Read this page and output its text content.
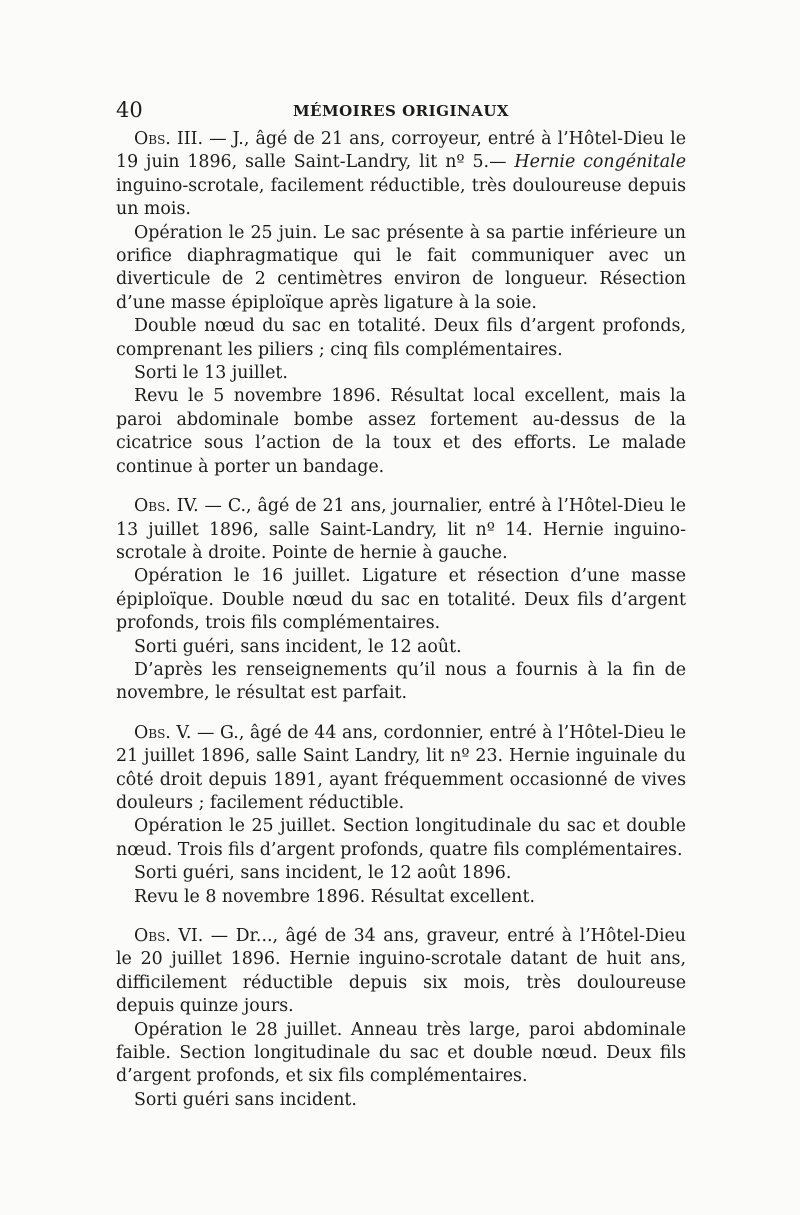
40	MÉMOIRES ORIGINAUX

Obs. III. — J., âgé de 21 ans, corroyeur, entré à l’Hôtel-Dieu le 19 juin 1896, salle Saint-Landry, lit nº 5.— Hernie congénitale inguino-scrotale, facilement réductible, très douloureuse depuis un mois.

Opération le 25 juin. Le sac présente à sa partie inférieure un orifice diaphragmatique qui le fait communiquer avec un diverticule de 2 centimètres environ de longueur. Résection d’une masse épiploïque après ligature à la soie.

Double nœud du sac en totalité. Deux fils d’argent profonds, comprenant les piliers ; cinq fils complémentaires.

Sorti le 13 juillet.

Revu le 5 novembre 1896. Résultat local excellent, mais la paroi abdominale bombe assez fortement au-dessus de la cicatrice sous l’action de la toux et des efforts. Le malade continue à porter un bandage.

Obs. IV. — C., âgé de 21 ans, journalier, entré à l’Hôtel-Dieu le 13 juillet 1896, salle Saint-Landry, lit nº 14. Hernie inguino-scrotale à droite. Pointe de hernie à gauche.

Opération le 16 juillet. Ligature et résection d’une masse épiploïque. Double nœud du sac en totalité. Deux fils d’argent profonds, trois fils complémentaires.

Sorti guéri, sans incident, le 12 août.

D’après les renseignements qu’il nous a fournis à la fin de novembre, le résultat est parfait.

Obs. V. — G., âgé de 44 ans, cordonnier, entré à l’Hôtel-Dieu le 21 juillet 1896, salle Saint Landry, lit nº 23. Hernie inguinale du côté droit depuis 1891, ayant fréquemment occasionné de vives douleurs ; facilement réductible.

Opération le 25 juillet. Section longitudinale du sac et double nœud. Trois fils d’argent profonds, quatre fils complémentaires.

Sorti guéri, sans incident, le 12 août 1896.

Revu le 8 novembre 1896. Résultat excellent.

Obs. VI. — Dr..., âgé de 34 ans, graveur, entré à l’Hôtel-Dieu le 20 juillet 1896. Hernie inguino-scrotale datant de huit ans, difficilement réductible depuis six mois, très douloureuse depuis quinze jours.

Opération le 28 juillet. Anneau très large, paroi abdominale faible. Section longitudinale du sac et double nœud. Deux fils d’argent profonds, et six fils complémentaires.

Sorti guéri sans incident.
